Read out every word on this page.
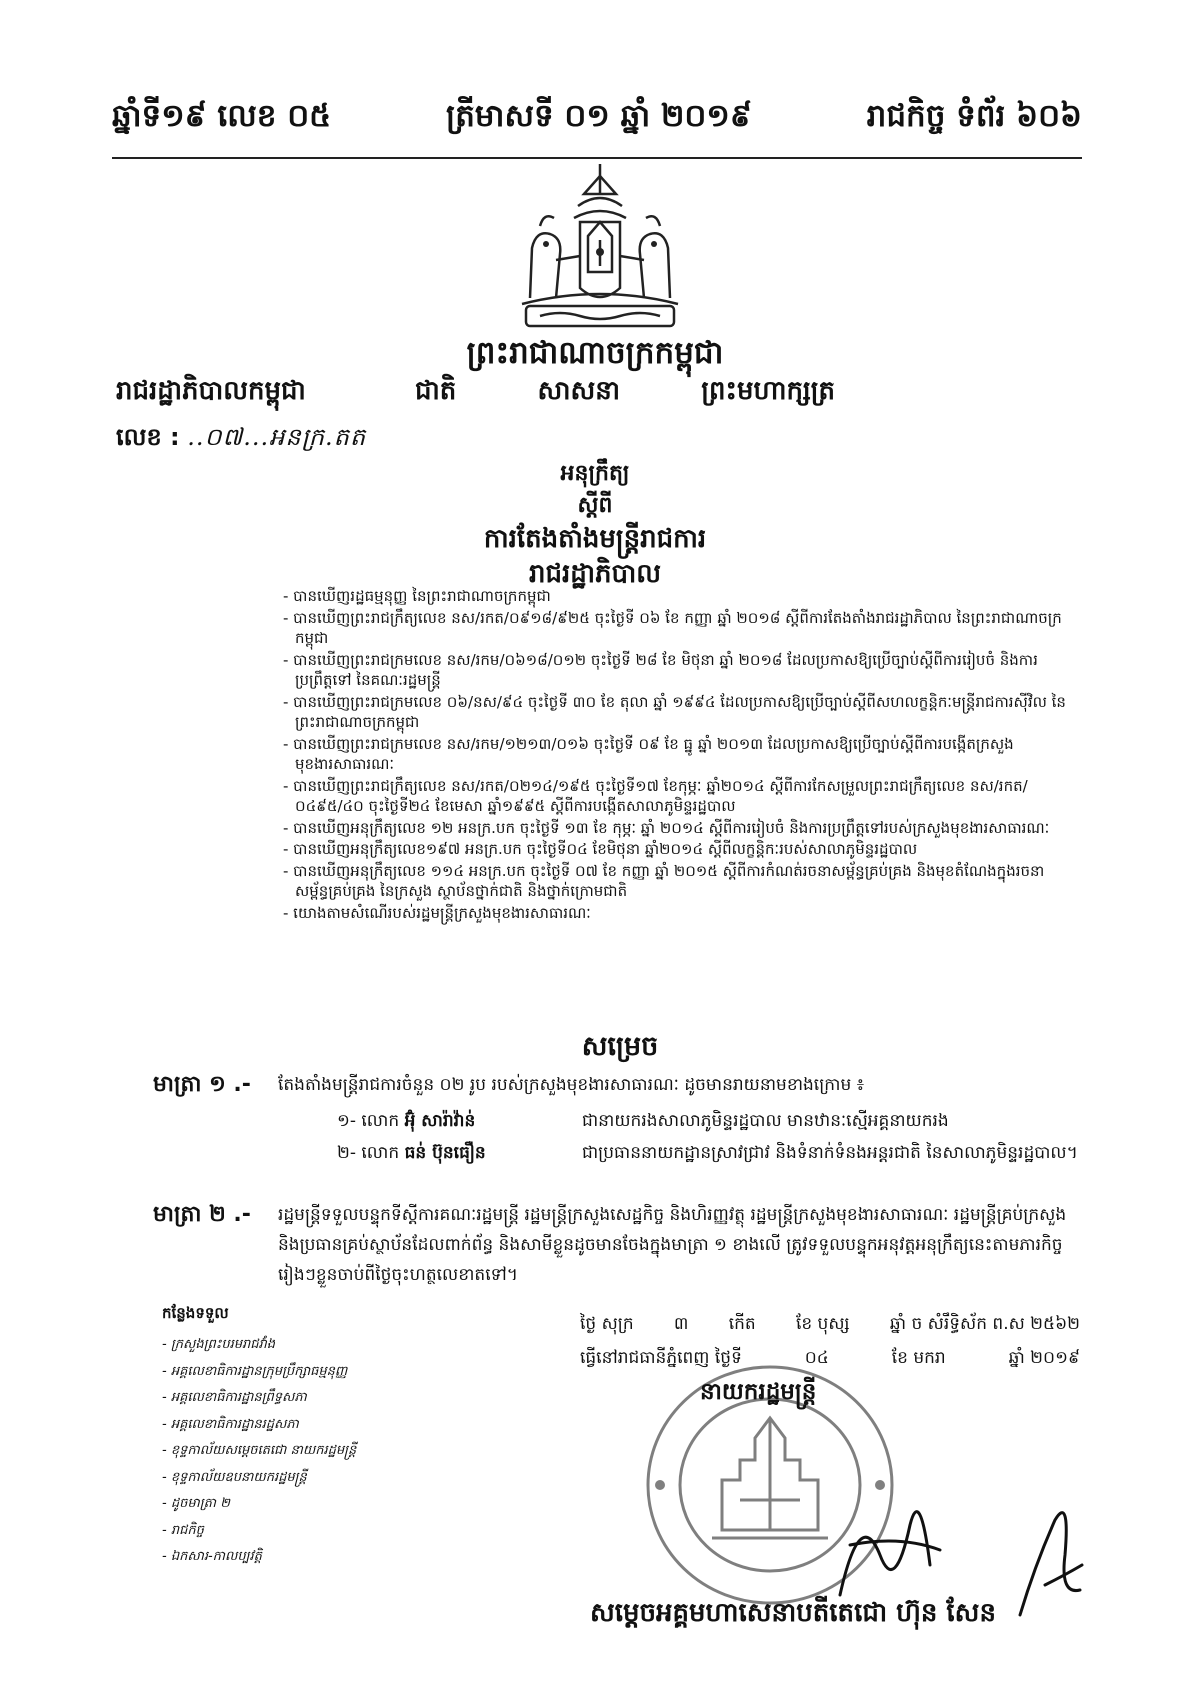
ឆ្នាំទី១៩ លេខ ០៥	ត្រីមាសទី ០១ ឆ្នាំ ២០១៩	រាជកិច្ច ទំព័រ ៦០៦
ព្រះរាជាណាចក្រកម្ពុជា
រាជរដ្ឋាភិបាលកម្ពុជា	ជាតិ	សាសនា	ព្រះមហាក្សត្រ
លេខ : ..០៧...អនក្រ.តត
អនុក្រឹត្យ
ស្ដីពី
ការតែងតាំងមន្ត្រីរាជការ
រាជរដ្ឋាភិបាល
- បានឃើញរដ្ឋធម្មនុញ្ញ នៃព្រះរាជាណាចក្រកម្ពុជា
- បានឃើញព្រះរាជក្រឹត្យលេខ នស/រកត/០៩១៨/៩២៥ ចុះថ្ងៃទី ០៦ ខែ កញ្ញា ឆ្នាំ ២០១៨ ស្ដីពីការតែងតាំងរាជរដ្ឋាភិបាល នៃព្រះរាជាណាចក្រកម្ពុជា
- បានឃើញព្រះរាជក្រមលេខ នស/រកម/០៦១៨/០១២ ចុះថ្ងៃទី ២៨ ខែ មិថុនា ឆ្នាំ ២០១៨ ដែលប្រកាសឱ្យប្រើច្បាប់ស្ដីពីការរៀបចំ និងការប្រព្រឹត្តទៅ នៃគណៈរដ្ឋមន្ត្រី
- បានឃើញព្រះរាជក្រមលេខ ០៦/នស/៩៤ ចុះថ្ងៃទី ៣០ ខែ តុលា ឆ្នាំ ១៩៩៤ ដែលប្រកាសឱ្យប្រើច្បាប់ស្ដីពីសហលក្ខន្តិកៈមន្ត្រីរាជការស៊ីវិល នៃព្រះរាជាណាចក្រកម្ពុជា
- បានឃើញព្រះរាជក្រមលេខ នស/រកម/១២១៣/០១៦ ចុះថ្ងៃទី ០៩ ខែ ធ្នូ ឆ្នាំ ២០១៣ ដែលប្រកាសឱ្យប្រើច្បាប់ស្ដីពីការបង្កើតក្រសួងមុខងារសាធារណៈ
- បានឃើញព្រះរាជក្រឹត្យលេខ នស/រកត/០២១៤/១៩៥ ចុះថ្ងៃទី១៧ ខែកុម្ភៈ ឆ្នាំ២០១៤ ស្ដីពីការកែសម្រួលព្រះរាជក្រឹត្យលេខ នស/រកត/០៤៩៥/៤០ ចុះថ្ងៃទី២៤ ខែមេសា ឆ្នាំ១៩៩៥ ស្ដីពីការបង្កើតសាលាភូមិន្ទរដ្ឋបាល
- បានឃើញអនុក្រឹត្យលេខ ១២ អនក្រ.បក ចុះថ្ងៃទី ១៣ ខែ កុម្ភៈ ឆ្នាំ ២០១៤ ស្ដីពីការរៀបចំ និងការប្រព្រឹត្តទៅរបស់ក្រសួងមុខងារសាធារណៈ
- បានឃើញអនុក្រឹត្យលេខ១៩៧ អនក្រ.បក ចុះថ្ងៃទី០៤ ខែមិថុនា ឆ្នាំ២០១៤ ស្ដីពីលក្ខន្តិកៈរបស់សាលាភូមិន្ទរដ្ឋបាល
- បានឃើញអនុក្រឹត្យលេខ ១១៤ អនក្រ.បក ចុះថ្ងៃទី ០៧ ខែ កញ្ញា ឆ្នាំ ២០១៥ ស្ដីពីការកំណត់រចនាសម្ព័ន្ធគ្រប់គ្រង និងមុខតំណែងក្នុងរចនាសម្ព័ន្ធគ្រប់គ្រង នៃក្រសួង ស្ថាប័នថ្នាក់ជាតិ និងថ្នាក់ក្រោមជាតិ
- យោងតាមសំណើរបស់រដ្ឋមន្ត្រីក្រសួងមុខងារសាធារណៈ
សម្រេច
មាត្រា ១ .-	តែងតាំងមន្ត្រីរាជការចំនួន ០២ រូប របស់ក្រសួងមុខងារសាធារណៈ ដូចមានរាយនាមខាងក្រោម ៖
១- លោក អ៊ុំ សារ៉ាវ៉ាន់	ជានាយករងសាលាភូមិន្ទរដ្ឋបាល មានឋានៈស្មើអគ្គនាយករង
២- លោក ធន់ ប៊ុនធឿន	ជាប្រធាននាយកដ្ឋានស្រាវជ្រាវ និងទំនាក់ទំនងអន្តរជាតិ នៃសាលាភូមិន្ទរដ្ឋបាល។
មាត្រា ២ .-	រដ្ឋមន្ត្រីទទួលបន្ទុកទីស្ដីការគណៈរដ្ឋមន្ត្រី រដ្ឋមន្ត្រីក្រសួងសេដ្ឋកិច្ច និងហិរញ្ញវត្ថុ រដ្ឋមន្ត្រីក្រសួងមុខងារសាធារណៈ រដ្ឋមន្ត្រីគ្រប់ក្រសួង និងប្រធានគ្រប់ស្ថាប័នដែលពាក់ព័ន្ធ និងសាមីខ្លួនដូចមានចែងក្នុងមាត្រា ១ ខាងលើ ត្រូវទទួលបន្ទុកអនុវត្តអនុក្រឹត្យនេះតាមភារកិច្ចរៀងៗខ្លួនចាប់ពីថ្ងៃចុះហត្ថលេខាតទៅ។
កន្លែងទទួល
- ក្រសួងព្រះបរមរាជវាំង
- អគ្គលេខាធិការដ្ឋានក្រុមប្រឹក្សាធម្មនុញ្ញ
- អគ្គលេខាធិការដ្ឋានព្រឹទ្ធសភា
- អគ្គលេខាធិការដ្ឋានរដ្ឋសភា
- ខុទ្ទកាល័យសម្ដេចតេជោ នាយករដ្ឋមន្ត្រី
- ខុទ្ទកាល័យឧបនាយករដ្ឋមន្ត្រី
- ដូចមាត្រា ២
- រាជកិច្ច
- ឯកសារ-កាលប្បវត្តិ
ថ្ងៃ សុក្រ ៣ កើត ខែ បុស្ស ឆ្នាំ ច សំរឹទ្ធិស័ក ព.ស ២៥៦២
ធ្វើនៅរាជធានីភ្នំពេញ ថ្ងៃទី	០៤	ខែ មករា	ឆ្នាំ ២០១៩
នាយករដ្ឋមន្ត្រី
សម្ដេចអគ្គមហាសេនាបតីតេជោ ហ៊ុន សែន
